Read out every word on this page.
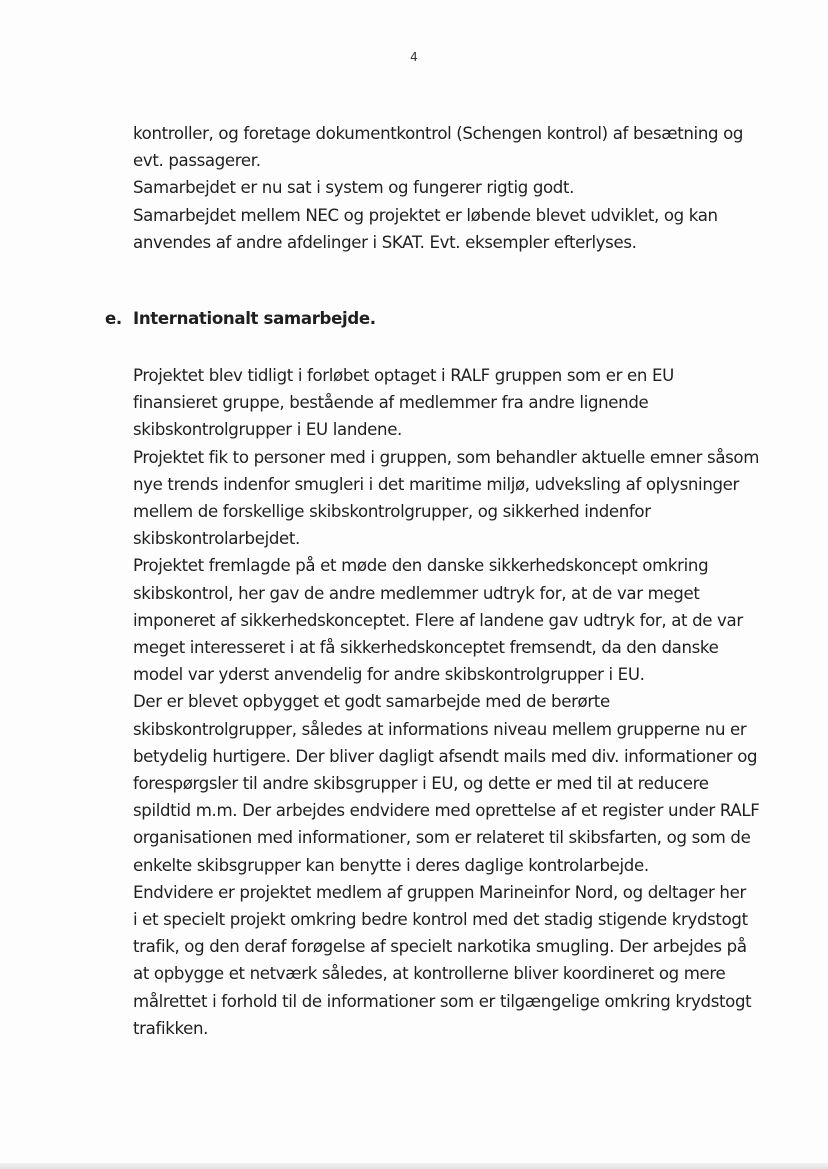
4
kontroller, og foretage dokumentkontrol (Schengen kontrol) af besætning og
evt. passagerer.
Samarbejdet er nu sat i system og fungerer rigtig godt.
Samarbejdet mellem NEC og projektet er løbende blevet udviklet, og kan
anvendes af andre afdelinger i SKAT. Evt. eksempler efterlyses.
e. Internationalt samarbejde.
Projektet blev tidligt i forløbet optaget i RALF gruppen som er en EU
finansieret gruppe, bestående af medlemmer fra andre lignende
skibskontrolgrupper i EU landene.
Projektet fik to personer med i gruppen, som behandler aktuelle emner såsom
nye trends indenfor smugleri i det maritime miljø, udveksling af oplysninger
mellem de forskellige skibskontrolgrupper, og sikkerhed indenfor
skibskontrolarbejdet.
Projektet fremlagde på et møde den danske sikkerhedskoncept omkring
skibskontrol, her gav de andre medlemmer udtryk for, at de var meget
imponeret af sikkerhedskonceptet. Flere af landene gav udtryk for, at de var
meget interesseret i at få sikkerhedskonceptet fremsendt, da den danske
model var yderst anvendelig for andre skibskontrolgrupper i EU.
Der er blevet opbygget et godt samarbejde med de berørte
skibskontrolgrupper, således at informations niveau mellem grupperne nu er
betydelig hurtigere. Der bliver dagligt afsendt mails med div. informationer og
forespørgsler til andre skibsgrupper i EU, og dette er med til at reducere
spildtid m.m. Der arbejdes endvidere med oprettelse af et register under RALF
organisationen med informationer, som er relateret til skibsfarten, og som de
enkelte skibsgrupper kan benytte i deres daglige kontrolarbejde.
Endvidere er projektet medlem af gruppen Marineinfor Nord, og deltager her
i et specielt projekt omkring bedre kontrol med det stadig stigende krydstogt
trafik, og den deraf forøgelse af specielt narkotika smugling. Der arbejdes på
at opbygge et netværk således, at kontrollerne bliver koordineret og mere
målrettet i forhold til de informationer som er tilgængelige omkring krydstogt
trafikken.
